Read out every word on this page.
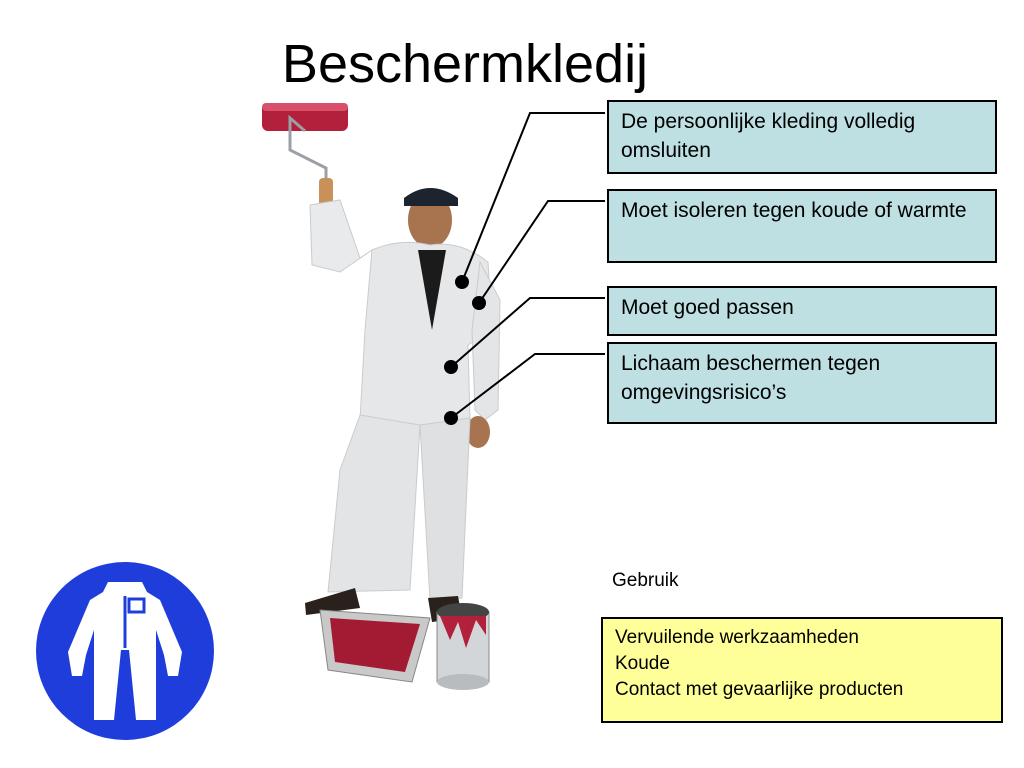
Beschermkledij
De persoonlijke kleding volledig omsluiten
Moet isoleren tegen koude of warmte
Moet goed passen
Lichaam beschermen tegen omgevingsrisico’s
Gebruik
Vervuilende werkzaamheden
Koude
Contact met gevaarlijke producten
